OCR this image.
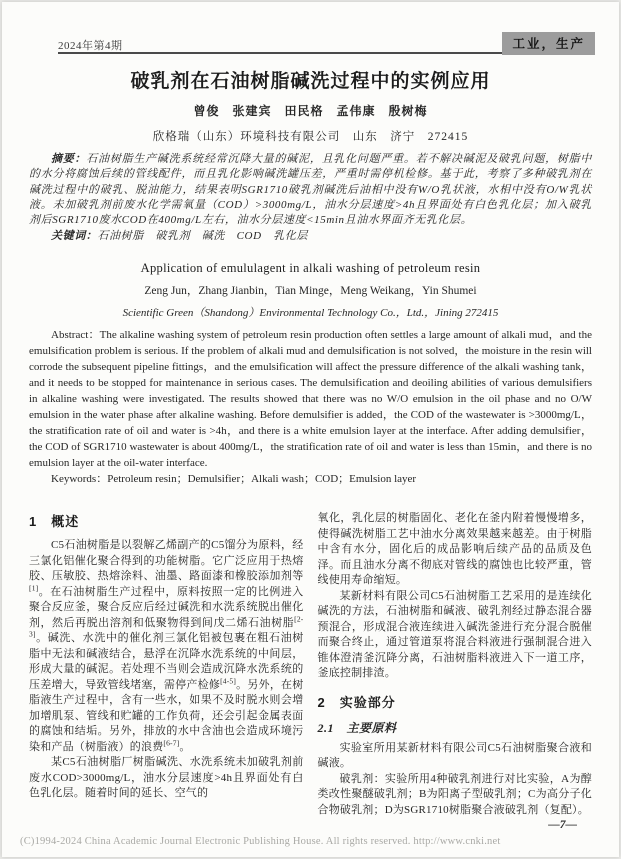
2024年第4期	工业，生产
破乳剂在石油树脂碱洗过程中的实例应用
曾俊　张建宾　田民格　孟伟康　殷树梅
欣格瑞（山东）环境科技有限公司　山东　济宁　272415

摘要：石油树脂生产碱洗系统经常沉降大量的碱泥，且乳化问题严重。若不解决碱泥及破乳问题，树脂中的水分将腐蚀后续的管线配件，而且乳化影响碱洗罐压差，严重时需停机检修。基于此，考察了多种破乳剂在碱洗过程中的破乳、脱油能力，结果表明SGR1710破乳剂碱洗后油相中没有W/O乳状液，水相中没有O/W乳状液。未加破乳剂前废水化学需氧量（COD）>3000mg/L，油水分层速度>4h且界面处有白色乳化层；加入破乳剂后SGR1710废水COD在400mg/L左右，油水分层速度<15min且油水界面齐无乳化层。

关键词：石油树脂　破乳剂　碱洗　COD　乳化层

Application of emululagent in alkali washing of petroleum resin
Zeng Jun，Zhang Jianbin，Tian Minge，Meng Weikang，Yin Shumei
Scientific Green（Shandong）Environmental Technology Co.，Ltd.，Jining 272415

Abstract：The alkaline washing system of petroleum resin production often settles a large amount of alkali mud，and the emulsification problem is serious. If the problem of alkali mud and demulsification is not solved，the moisture in the resin will corrode the subsequent pipeline fittings，and the emulsification will affect the pressure difference of the alkali washing tank，and it needs to be stopped for maintenance in serious cases. The demulsification and deoiling abilities of various demulsifiers in alkaline washing were investigated. The results showed that there was no W/O emulsion in the oil phase and no O/W emulsion in the water phase after alkaline washing. Before demulsifier is added，the COD of the wastewater is >3000mg/L，the stratification rate of oil and water is >4h，and there is a white emulsion layer at the interface. After adding demulsifier，the COD of SGR1710 wastewater is about 400mg/L，the stratification rate of oil and water is less than 15min，and there is no emulsion layer at the oil-water interface.

Keywords：Petroleum resin；Demulsifier；Alkali wash；COD；Emulsion layer

1　概述

C5石油树脂是以裂解乙烯副产的C5馏分为原料，经三氯化铝催化聚合得到的功能树脂。它广泛应用于热熔胶、压敏胶、热熔涂料、油墨、路面漆和橡胶添加剂等[1]。在石油树脂生产过程中，原料按照一定的比例进入聚合反应釜，聚合反应后经过碱洗和水洗系统脱出催化剂，然后再脱出溶剂和低聚物得到间戊二烯石油树脂[2-3]。碱洗、水洗中的催化剂三氯化铝被包裹在粗石油树脂中无法和碱液结合，悬浮在沉降水洗系统的中间层，形成大量的碱泥。若处理不当则会造成沉降水洗系统的压差增大，导致管线堵塞，需停产检修[4-5]。另外，在树脂液生产过程中，含有一些水，如果不及时脱水则会增加增肌泵、管线和贮罐的工作负荷，还会引起金属表面的腐蚀和结垢。另外，排放的水中含油也会造成环境污染和产品（树脂液）的浪费[6-7]。

某C5石油树脂厂树脂碱洗、水洗系统未加破乳剂前废水COD>3000mg/L，油水分层速度>4h且界面处有白色乳化层。随着时间的延长、空气的

氧化，乳化层的树脂固化、老化在釜内附着慢慢增多，使得碱洗树脂工艺中油水分离效果越来越差。由于树脂中含有水分，固化后的成品影响后续产品的品质及色泽。而且油水分离不彻底对管线的腐蚀也比较严重，管线使用寿命缩短。

某新材料有限公司C5石油树脂工艺采用的是连续化碱洗的方法，石油树脂和碱液、破乳剂经过静态混合器预混合，形成混合液连续进入碱洗釜进行充分混合脱催而聚合终止，通过管道泵将混合料液进行强制混合进入锥体澄清釜沉降分离，石油树脂料液进入下一道工序，釜底控制排渣。

2　实验部分
2.1　主要原料

实验室所用某新材料有限公司C5石油树脂聚合液和碱液。

破乳剂：实验所用4种破乳剂进行对比实验，A为醇类改性聚醚破乳剂；B为阳离子型破乳剂；C为高分子化合物破乳剂；D为SGR1710树脂聚合液破乳剂（复配）。

—7—
(C)1994-2024 China Academic Journal Electronic Publishing House. All rights reserved. http://www.cnki.net
